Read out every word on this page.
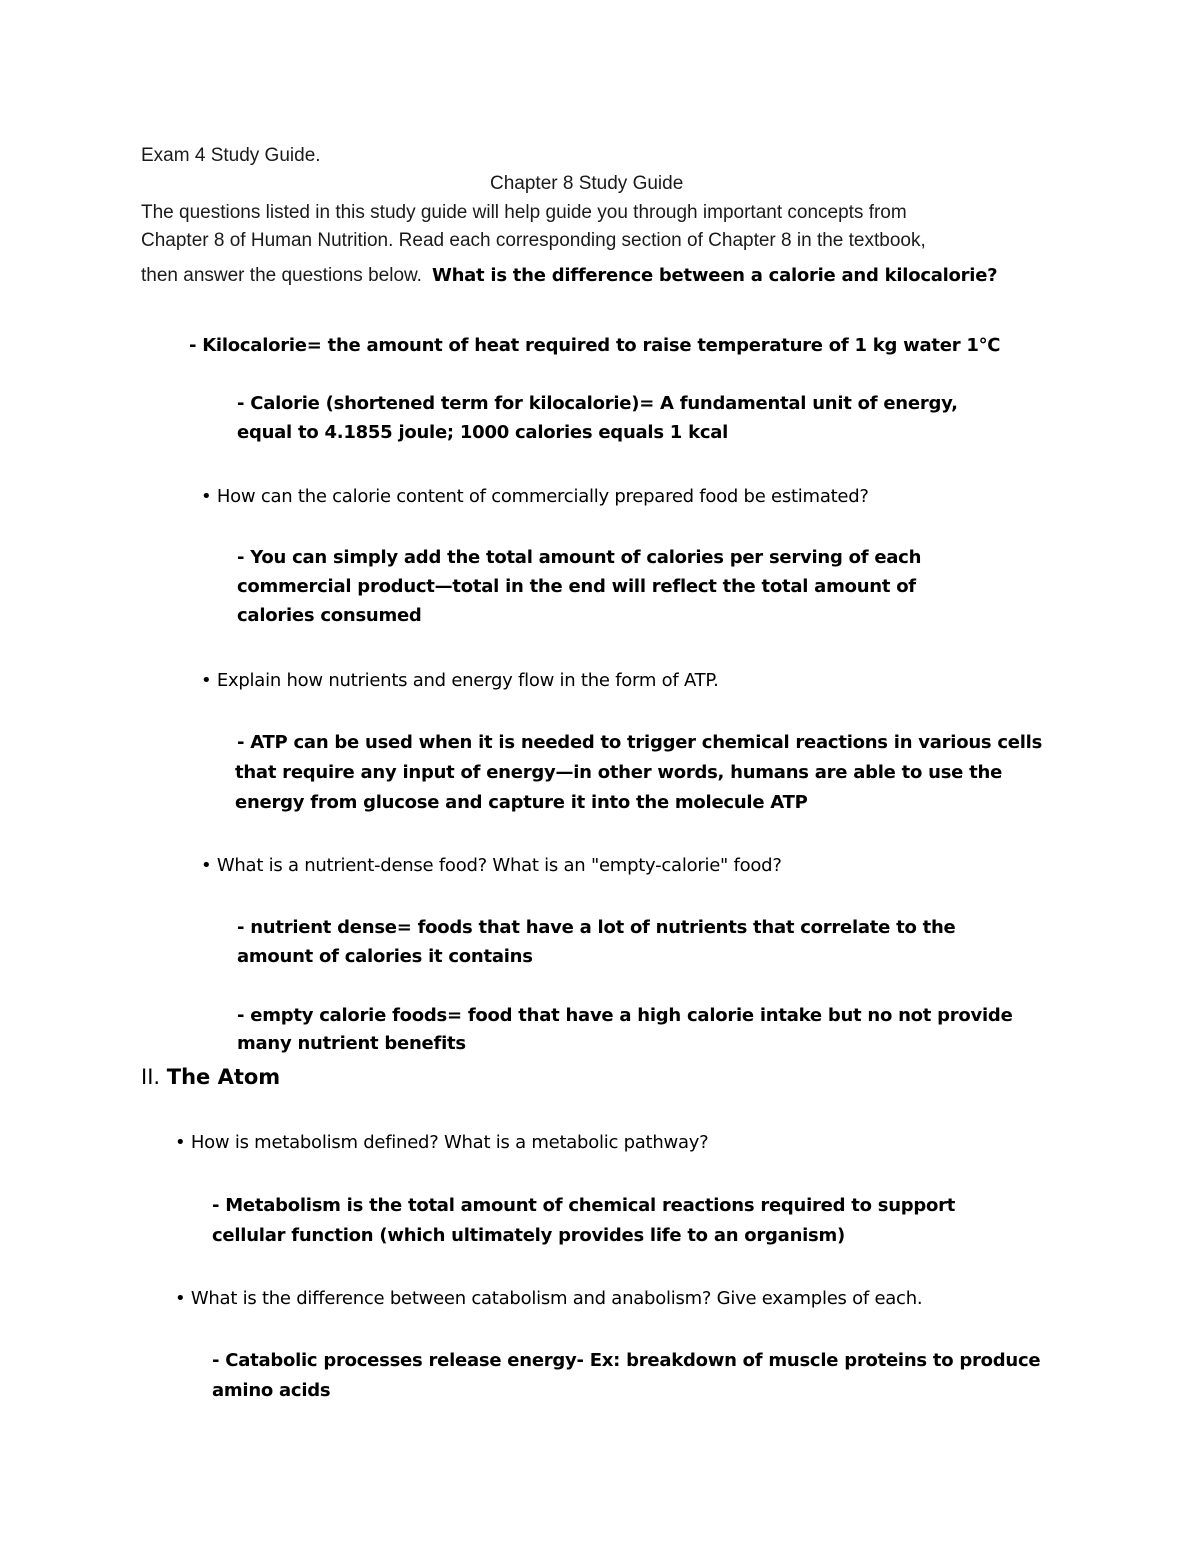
Exam 4 Study Guide.
Chapter 8 Study Guide
The questions listed in this study guide will help guide you through important concepts from
Chapter 8 of Human Nutrition. Read each corresponding section of Chapter 8 in the textbook,
then answer the questions below. What is the difference between a calorie and kilocalorie?
- Kilocalorie= the amount of heat required to raise temperature of 1 kg water 1℃
- Calorie (shortened term for kilocalorie)= A fundamental unit of energy,
equal to 4.1855 joule; 1000 calories equals 1 kcal
• How can the calorie content of commercially prepared food be estimated?
- You can simply add the total amount of calories per serving of each
commercial product—total in the end will reflect the total amount of
calories consumed
• Explain how nutrients and energy flow in the form of ATP.
- ATP can be used when it is needed to trigger chemical reactions in various cells
that require any input of energy—in other words, humans are able to use the
energy from glucose and capture it into the molecule ATP
• What is a nutrient-dense food? What is an "empty-calorie" food?
- nutrient dense= foods that have a lot of nutrients that correlate to the
amount of calories it contains
- empty calorie foods= food that have a high calorie intake but no not provide
many nutrient benefits
II. The Atom
• How is metabolism defined? What is a metabolic pathway?
- Metabolism is the total amount of chemical reactions required to support
cellular function (which ultimately provides life to an organism)
• What is the difference between catabolism and anabolism? Give examples of each.
- Catabolic processes release energy- Ex: breakdown of muscle proteins to produce
amino acids
